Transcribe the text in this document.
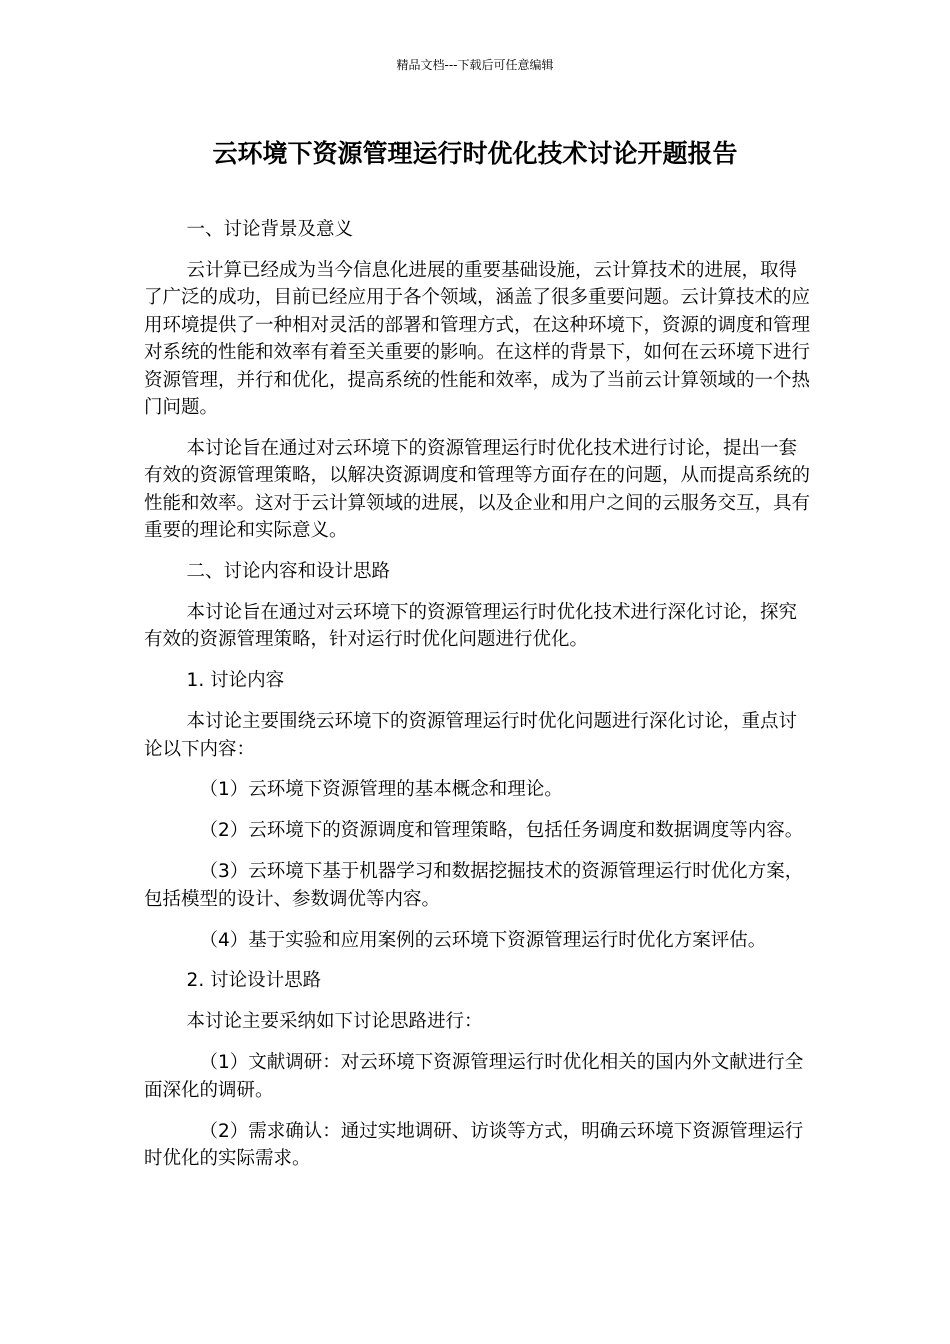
精品文档---下载后可任意编辑
云环境下资源管理运行时优化技术讨论开题报告

一、讨论背景及意义

云计算已经成为当今信息化进展的重要基础设施，云计算技术的进展，取得了广泛的成功，目前已经应用于各个领域，涵盖了很多重要问题。云计算技术的应用环境提供了一种相对灵活的部署和管理方式，在这种环境下，资源的调度和管理对系统的性能和效率有着至关重要的影响。在这样的背景下，如何在云环境下进行资源管理，并行和优化，提高系统的性能和效率，成为了当前云计算领域的一个热门问题。

本讨论旨在通过对云环境下的资源管理运行时优化技术进行讨论，提出一套有效的资源管理策略，以解决资源调度和管理等方面存在的问题，从而提高系统的性能和效率。这对于云计算领域的进展，以及企业和用户之间的云服务交互，具有重要的理论和实际意义。

二、讨论内容和设计思路

本讨论旨在通过对云环境下的资源管理运行时优化技术进行深化讨论，探究有效的资源管理策略，针对运行时优化问题进行优化。

1. 讨论内容

本讨论主要围绕云环境下的资源管理运行时优化问题进行深化讨论，重点讨论以下内容：

（1）云环境下资源管理的基本概念和理论。

（2）云环境下的资源调度和管理策略，包括任务调度和数据调度等内容。

（3）云环境下基于机器学习和数据挖掘技术的资源管理运行时优化方案，包括模型的设计、参数调优等内容。

（4）基于实验和应用案例的云环境下资源管理运行时优化方案评估。

2. 讨论设计思路

本讨论主要采纳如下讨论思路进行：

（1）文献调研：对云环境下资源管理运行时优化相关的国内外文献进行全面深化的调研。

（2）需求确认：通过实地调研、访谈等方式，明确云环境下资源管理运行时优化的实际需求。
